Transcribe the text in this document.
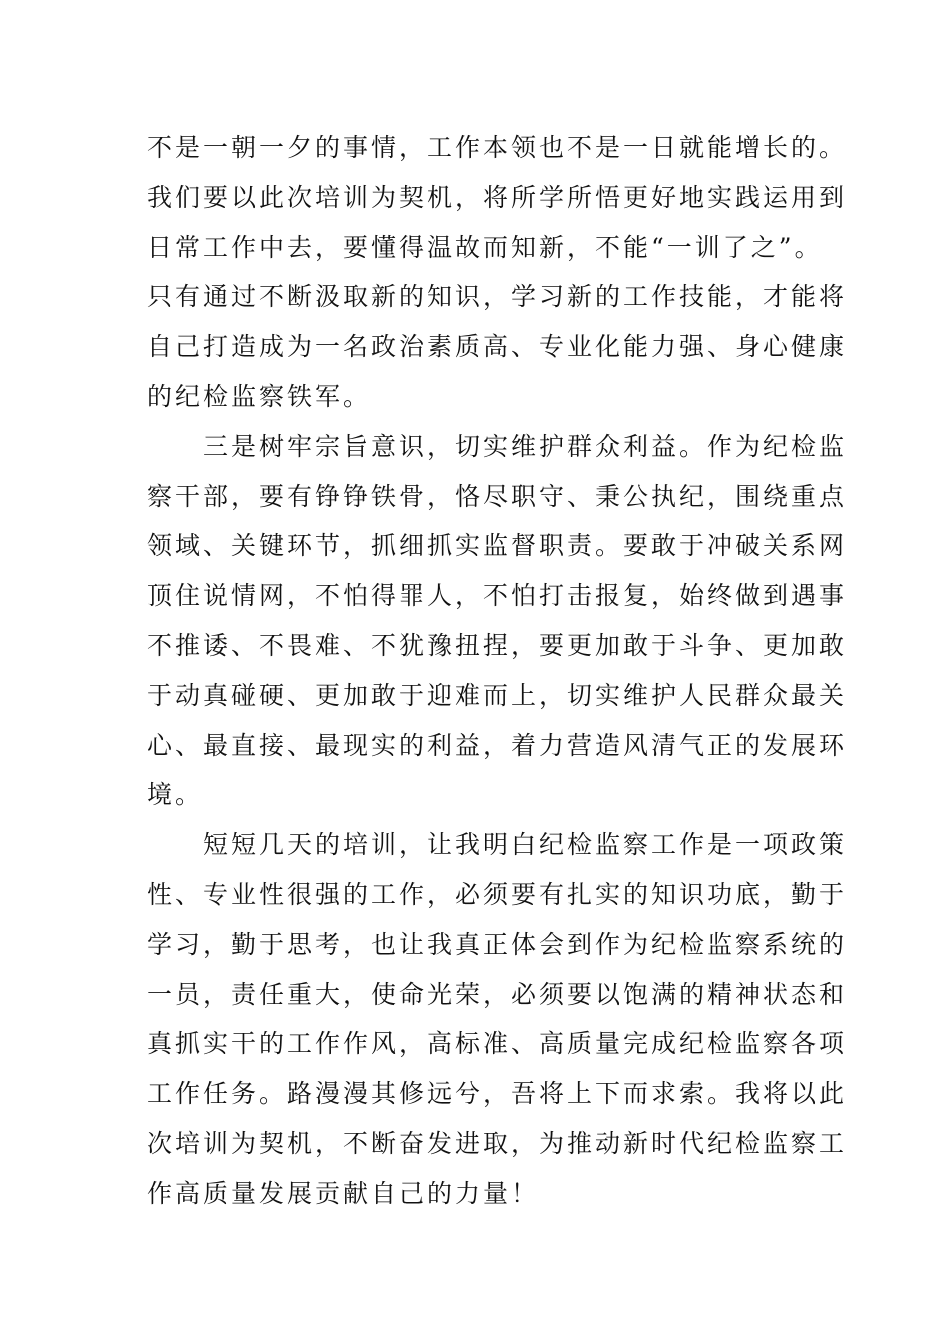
不是一朝一夕的事情，工作本领也不是一日就能增长的。
我们要以此次培训为契机，将所学所悟更好地实践运用到
日常工作中去，要懂得温故而知新，不能“一训了之”。
只有通过不断汲取新的知识，学习新的工作技能，才能将
自己打造成为一名政治素质高、专业化能力强、身心健康
的纪检监察铁军。
三是树牢宗旨意识，切实维护群众利益。作为纪检监
察干部，要有铮铮铁骨，恪尽职守、秉公执纪，围绕重点
领域、关键环节，抓细抓实监督职责。要敢于冲破关系网
顶住说情网，不怕得罪人，不怕打击报复，始终做到遇事
不推诿、不畏难、不犹豫扭捏，要更加敢于斗争、更加敢
于动真碰硬、更加敢于迎难而上，切实维护人民群众最关
心、最直接、最现实的利益，着力营造风清气正的发展环
境。
短短几天的培训，让我明白纪检监察工作是一项政策
性、专业性很强的工作，必须要有扎实的知识功底，勤于
学习，勤于思考，也让我真正体会到作为纪检监察系统的
一员，责任重大，使命光荣，必须要以饱满的精神状态和
真抓实干的工作作风，高标准、高质量完成纪检监察各项
工作任务。路漫漫其修远兮，吾将上下而求索。我将以此
次培训为契机，不断奋发进取，为推动新时代纪检监察工
作高质量发展贡献自己的力量！
